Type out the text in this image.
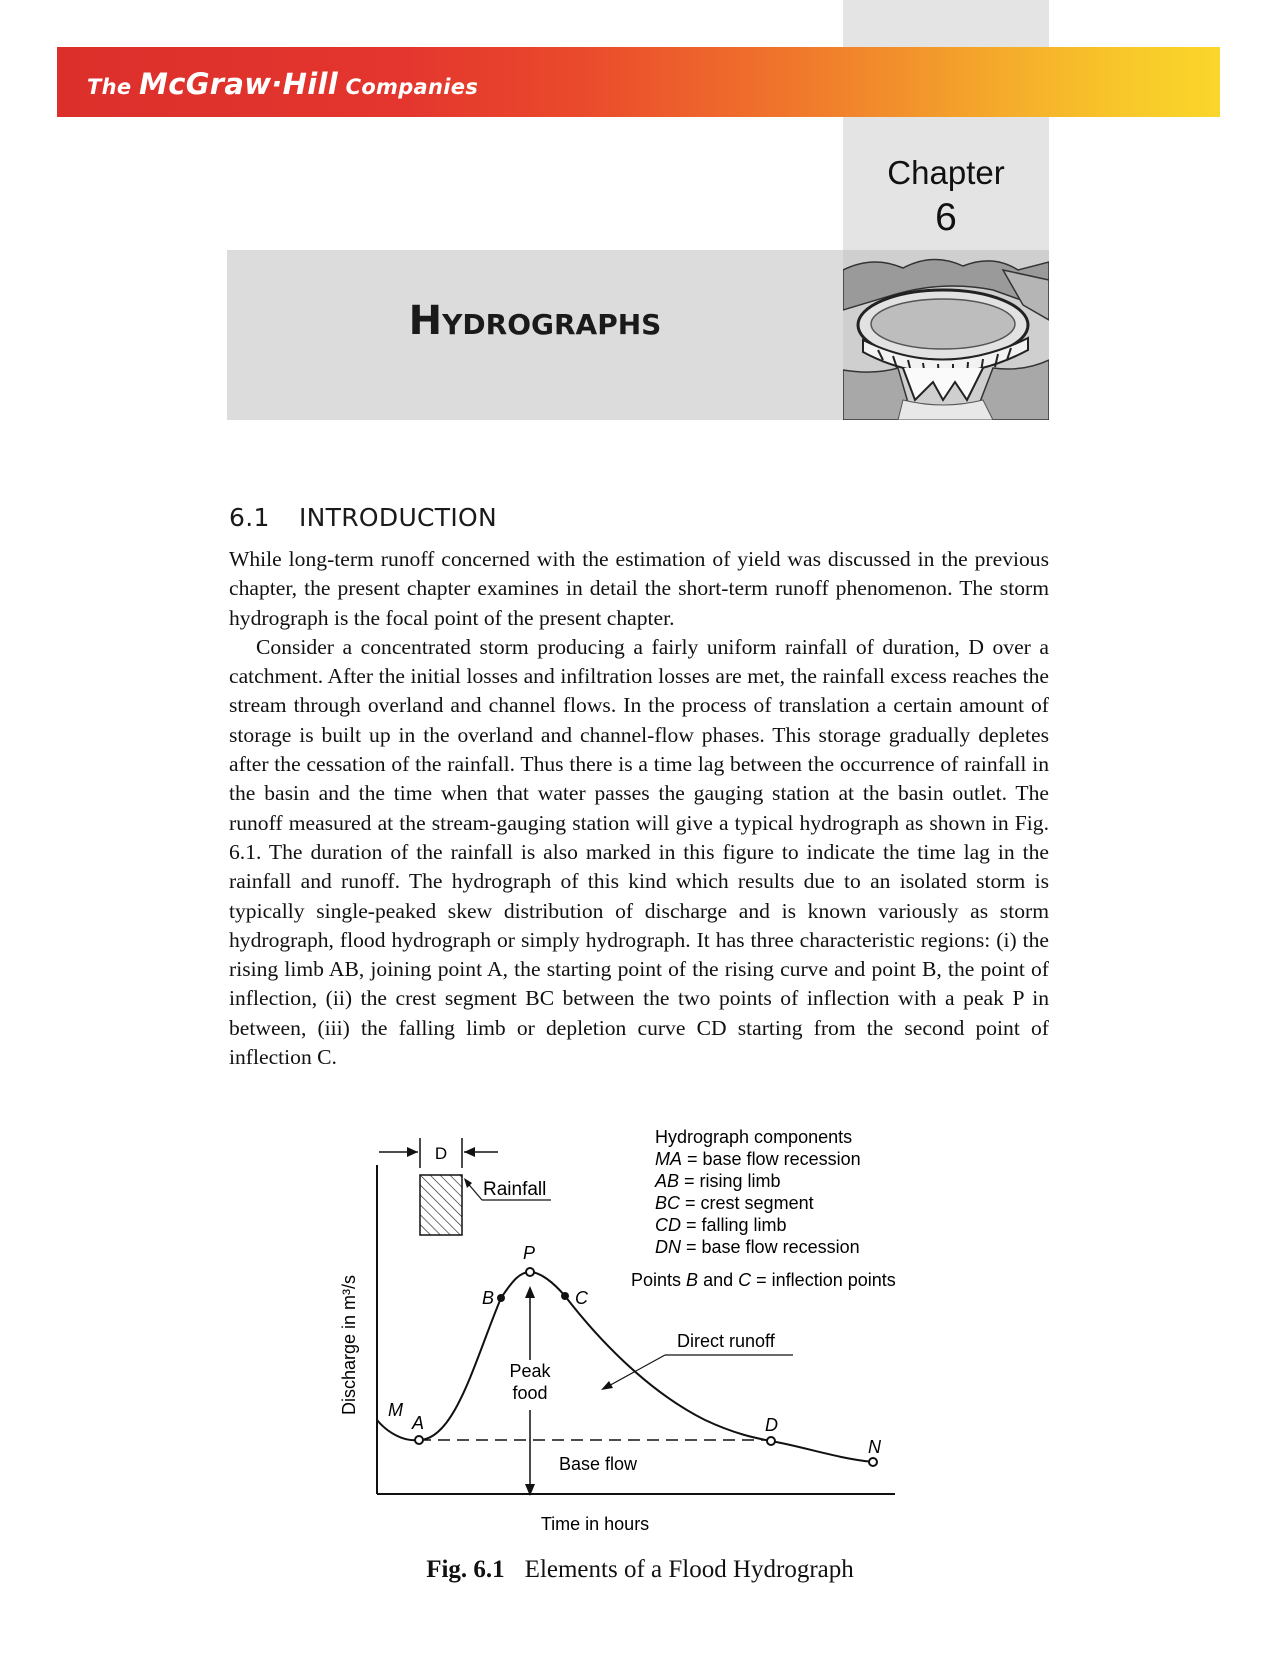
The McGraw·Hill Companies
Chapter
6
Hydrographs
6.1 INTRODUCTION

While long-term runoff concerned with the estimation of yield was discussed in the previous chapter, the present chapter examines in detail the short-term runoff phenomenon. The storm hydrograph is the focal point of the present chapter.

Consider a concentrated storm producing a fairly uniform rainfall of duration, D over a catchment. After the initial losses and infiltration losses are met, the rainfall excess reaches the stream through overland and channel flows. In the process of translation a certain amount of storage is built up in the overland and channel-flow phases. This storage gradually depletes after the cessation of the rainfall. Thus there is a time lag between the occurrence of rainfall in the basin and the time when that water passes the gauging station at the basin outlet. The runoff measured at the stream-gauging station will give a typical hydrograph as shown in Fig. 6.1. The duration of the rainfall is also marked in this figure to indicate the time lag in the rainfall and runoff. The hydrograph of this kind which results due to an isolated storm is typically single-peaked skew distribution of discharge and is known variously as storm hydrograph, flood hydrograph or simply hydrograph. It has three characteristic regions: (i) the rising limb AB, joining point A, the starting point of the rising curve and point B, the point of inflection, (ii) the crest segment BC between the two points of inflection with a peak P in between, (iii) the falling limb or depletion curve CD starting from the second point of inflection C.

D
Rainfall
M
A
B
P
C
D
N
Peak
food
Direct runoff
Base flow
Discharge in m³/s
Time in hours
Hydrograph components
MA = base flow recession
AB = rising limb
BC = crest segment
CD = falling limb
DN = base flow recession
Points B and C = inflection points
Fig. 6.1 Elements of a Flood Hydrograph
